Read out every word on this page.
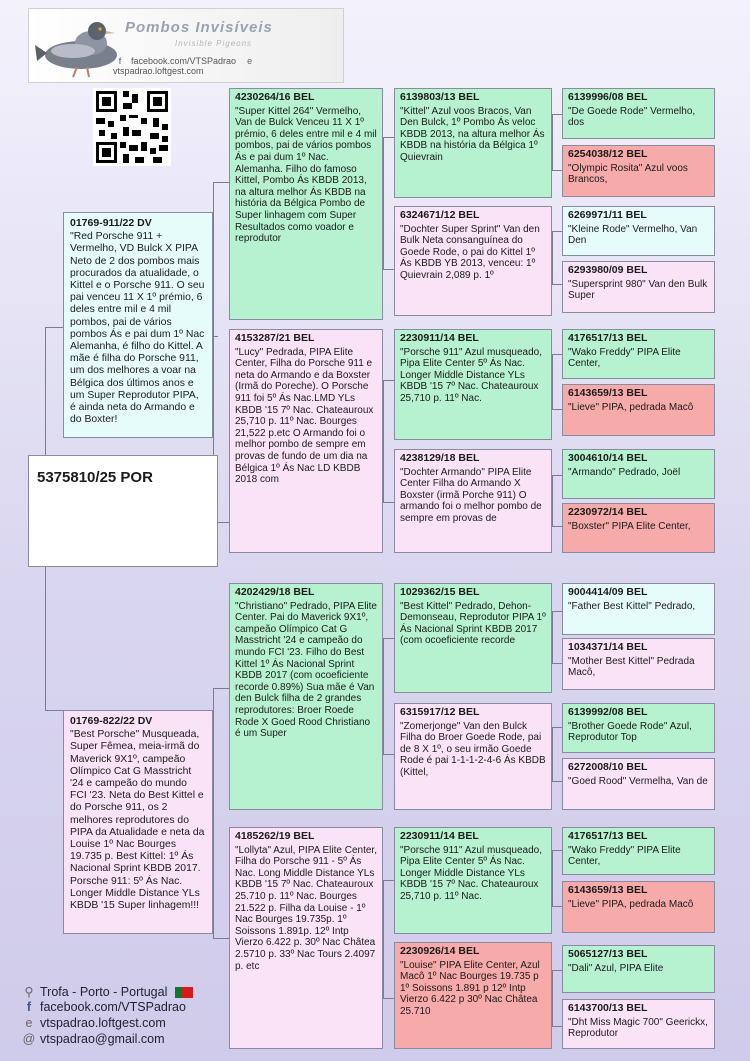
Pombos Invisíveis
Invisible Pigeons
f facebook.com/VTSPadrao evtspadrao.loftgest.com
5375810/25 POR
01769-911/22 DV
"Red Porsche 911 + Vermelho, VD Bulck X PIPA Neto de 2 dos pombos mais procurados da atualidade, o Kittel e o Porsche 911. O seu pai venceu 11 X 1º prémio, 6 deles entre mil e 4 mil pombos, pai de vários pombos Ás e pai dum 1º Nac Alemanha, é filho do Kittel. A mãe é filha do Porsche 911, um dos melhores a voar na Bélgica dos últimos anos e um Super Reprodutor PIPA, é ainda neta do Armando e do Boxter!
01769-822/22 DV
"Best Porsche" Musqueada, Super Fêmea, meia-irmã do Maverick 9X1º, campeão Olímpico Cat G Masstricht '24 e campeão do mundo FCI '23. Neta do Best Kittel e do Porsche 911, os 2 melhores reprodutores do PIPA da Atualidade e neta da Louise 1º Nac Bourges 19.735 p. Best Kittel: 1º Ás Nacional Sprint KBDB 2017. Porsche 911: 5º Ás Nac. Longer Middle Distance YLs KBDB '15 Super linhagem!!!
4230264/16 BEL
"Super Kittel 264" Vermelho, Van de Bulck Venceu 11 X 1º prémio, 6 deles entre mil e 4 mil pombos, pai de vários pombos Ás e pai dum 1º Nac. Alemanha. Filho do famoso Kittel, Pombo Ás KBDB 2013, na altura melhor Ás KBDB na história da Bélgica Pombo de Super linhagem com Super Resultados como voador e reprodutor
4153287/21 BEL
"Lucy" Pedrada, PIPA Elite Center, Filha do Porsche 911 e neta do Armando e da Boxster (Irmã do Poreche). O Porsche 911 foi 5º Ás Nac.LMD YLs KBDB '15 7º Nac. Chateauroux 25,710 p. 11º Nac. Bourges 21,522 p.etc O Armando foi o melhor pombo de sempre em provas de fundo de um dia na Bélgica 1º Ás Nac LD KBDB 2018 com
4202429/18 BEL
"Christiano" Pedrado, PIPA Elite Center. Pai do Maverick 9X1º, campeão Olímpico Cat G Masstricht '24 e campeão do mundo FCI '23. Filho do Best Kittel 1º Ás Nacional Sprint KBDB 2017 (com ocoeficiente recorde 0.89%) Sua mãe é Van den Bulck filha de 2 grandes reprodutores: Broer Roede Rode X Goed Rood Christiano é um Super
4185262/19 BEL
"Lollyta" Azul, PIPA Elite Center, Filha do Porsche 911 - 5º Ás Nac. Long Middle Distance YLs KBDB '15 7º Nac. Chateauroux 25.710 p. 11º Nac. Bourges 21.522 p. Filha da Louise - 1º Nac Bourges 19.735p. 1º Soissons 1.891p. 12º Intp Vierzo 6.422 p. 30º Nac Châtea 2.5710 p. 33º Nac Tours 2.4097 p. etc
6139803/13 BEL
"Kittel" Azul voos Bracos, Van Den Bulck, 1º Pombo Ás veloc KBDB 2013, na altura melhor Ás KBDB na história da Bélgica 1º Quievrain
6324671/12 BEL
"Dochter Super Sprint" Van den Bulk Neta consanguínea do Goede Rode, o pai do Kittel 1º Ás KBDB YB 2013, venceu: 1º Quievrain 2,089 p. 1º
2230911/14 BEL
"Porsche 911" Azul musqueado, Pipa Elite Center 5º Ás Nac. Longer Middle Distance YLs KBDB '15 7º Nac. Chateauroux 25,710 p. 11º Nac.
4238129/18 BEL
"Dochter Armando" PIPA Elite Center Filha do Armando X Boxster (irmã Porche 911) O armando foi o melhor pombo de sempre em provas de
1029362/15 BEL
"Best Kittel" Pedrado, Dehon-Demonseau, Reprodutor PIPA 1º Ás Nacional Sprint KBDB 2017 (com ocoeficiente recorde
6315917/12 BEL
"Zomerjonge" Van den Bulck Filha do Broer Goede Rode, pai de 8 X 1º, o seu irmão Goede Rode é pai 1-1-1-2-4-6 Ás KBDB (Kittel,
2230911/14 BEL
"Porsche 911" Azul musqueado, Pipa Elite Center 5º Ás Nac. Longer Middle Distance YLs KBDB '15 7º Nac. Chateauroux 25,710 p. 11º Nac.
2230926/14 BEL
"Louise" PIPA Elite Center, Azul Macô 1º Nac Bourges 19.735 p 1º Soissons 1.891 p 12º Intp Vierzo 6.422 p 30º Nac Châtea 25.710
6139996/08 BEL
"De Goede Rode" Vermelho, dos
6254038/12 BEL
"Olympic Rosita" Azul voos Brancos,
6269971/11 BEL
"Kleine Rode" Vermelho, Van Den
6293980/09 BEL
"Supersprint 980" Van den Bulk Super
4176517/13 BEL
"Wako Freddy" PIPA Elite Center,
6143659/13 BEL
"Lieve" PIPA, pedrada Macô
3004610/14 BEL
"Armando" Pedrado, Joël
2230972/14 BEL
"Boxster" PIPA Elite Center,
9004414/09 BEL
"Father Best Kittel" Pedrado,
1034371/14 BEL
"Mother Best Kittel" Pedrada Macô,
6139992/08 BEL
"Brother Goede Rode" Azul, Reprodutor Top
6272008/10 BEL
"Goed Rood" Vermelha, Van de
4176517/13 BEL
"Wako Freddy" PIPA Elite Center,
6143659/13 BEL
"Lieve" PIPA, pedrada Macô
5065127/13 BEL
"Dali" Azul, PIPA Elite
6143700/13 BEL
"Dht Miss Magic 700" Geerickx, Reprodutor
⚲ Trofa - Porto - Portugal
f facebook.com/VTSPadrao
e vtspadrao.loftgest.com
@ vtspadrao@gmail.com
